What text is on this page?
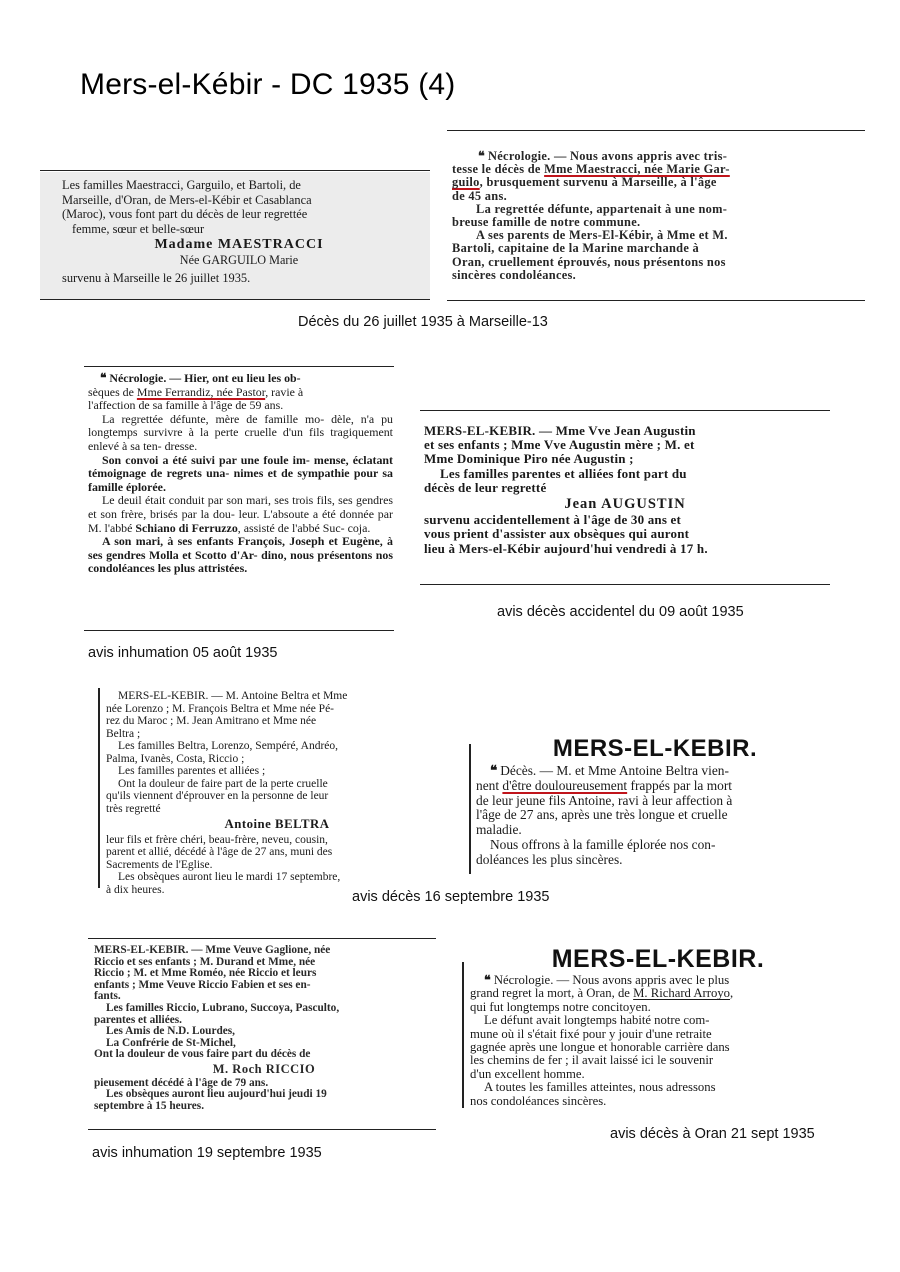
Mers-el-Kébir - DC 1935 (4)

Les familles Maestracci, Garguilo, et Bartoli, de

Marseille, d'Oran, de Mers-el-Kébir et Casablanca

(Maroc), vous font part du décès de leur regrettée

femme, sœur et belle-sœur

Madame MAESTRACCI

Née GARGUILO Marie

survenu à Marseille le 26 juillet 1935.

❝ Nécrologie. — Nous avons appris avec tris-

tesse le décès de Mme Maestracci, née Marie Gar-

guilo, brusquement survenu à Marseille, à l'âge

de 45 ans.

La regrettée défunte, appartenait à une nom-

breuse famille de notre commune.

A ses parents de Mers-El-Kébir, à Mme et M.

Bartoli, capitaine de la Marine marchande à

Oran, cruellement éprouvés, nous présentons nos

sincères condoléances.

Décès du 26 juillet 1935 à Marseille-13

❝ Nécrologie. — Hier, ont eu lieu les ob-

sèques de Mme Ferrandiz, née Pastor, ravie à

l'affection de sa famille à l'âge de 59 ans.

La regrettée défunte, mère de famille mo- dèle, n'a pu longtemps survivre à la perte cruelle d'un fils tragiquement enlevé à sa ten- dresse.

Son convoi a été suivi par une foule im- mense, éclatant témoignage de regrets una- nimes et de sympathie pour sa famille éplorée.

Le deuil était conduit par son mari, ses trois fils, ses gendres et son frère, brisés par la dou- leur. L'absoute a été donnée par M. l'abbé Schiano di Ferruzzo, assisté de l'abbé Suc- coja.

A son mari, à ses enfants François, Joseph et Eugène, à ses gendres Molla et Scotto d'Ar- dino, nous présentons nos condoléances les plus attristées.

avis inhumation 05 août 1935

MERS-EL-KEBIR. — Mme Vve Jean Augustin

et ses enfants ; Mme Vve Augustin mère ; M. et

Mme Dominique Piro née Augustin ;

Les familles parentes et alliées font part du

décès de leur regretté

Jean AUGUSTIN

survenu accidentellement à l'âge de 30 ans et

vous prient d'assister aux obsèques qui auront

lieu à Mers-el-Kébir aujourd'hui vendredi à 17 h.

avis décès accidentel du 09 août 1935

MERS-EL-KEBIR. — M. Antoine Beltra et Mme

née Lorenzo ; M. François Beltra et Mme née Pé-

rez du Maroc ; M. Jean Amitrano et Mme née

Beltra ;

Les familles Beltra, Lorenzo, Sempéré, Andréo,

Palma, Ivanès, Costa, Riccio ;

Les familles parentes et alliées ;

Ont la douleur de faire part de la perte cruelle

qu'ils viennent d'éprouver en la personne de leur

très regretté

Antoine BELTRA

leur fils et frère chéri, beau-frère, neveu, cousin,

parent et allié, décédé à l'âge de 27 ans, muni des

Sacrements de l'Eglise.

Les obsèques auront lieu le mardi 17 septembre,

à dix heures.

MERS-EL-KEBIR.

❝ Décès. — M. et Mme Antoine Beltra vien-

nent d'être douloureusement frappés par la mort

de leur jeune fils Antoine, ravi à leur affection à

l'âge de 27 ans, après une très longue et cruelle

maladie.

Nous offrons à la famille éplorée nos con-

doléances les plus sincères.

avis décès 16 septembre 1935

MERS-EL-KEBIR. — Mme Veuve Gaglione, née

Riccio et ses enfants ; M. Durand et Mme, née

Riccio ; M. et Mme Roméo, née Riccio et leurs

enfants ; Mme Veuve Riccio Fabien et ses en-

fants.

Les familles Riccio, Lubrano, Succoya, Pasculto,

parentes et alliées.

Les Amis de N.D. Lourdes,

La Confrérie de St-Michel,

Ont la douleur de vous faire part du décès de

M. Roch RICCIO

pieusement décédé à l'âge de 79 ans.

Les obsèques auront lieu aujourd'hui jeudi 19

septembre à 15 heures.

avis inhumation 19 septembre 1935
MERS-EL-KEBIR.

❝ Nécrologie. — Nous avons appris avec le plus

grand regret la mort, à Oran, de M. Richard Arroyo,

qui fut longtemps notre concitoyen.

Le défunt avait longtemps habité notre com-

mune où il s'était fixé pour y jouir d'une retraite

gagnée après une longue et honorable carrière dans

les chemins de fer ; il avait laissé ici le souvenir

d'un excellent homme.

A toutes les familles atteintes, nous adressons

nos condoléances sincères.

avis décès à Oran 21 sept 1935
